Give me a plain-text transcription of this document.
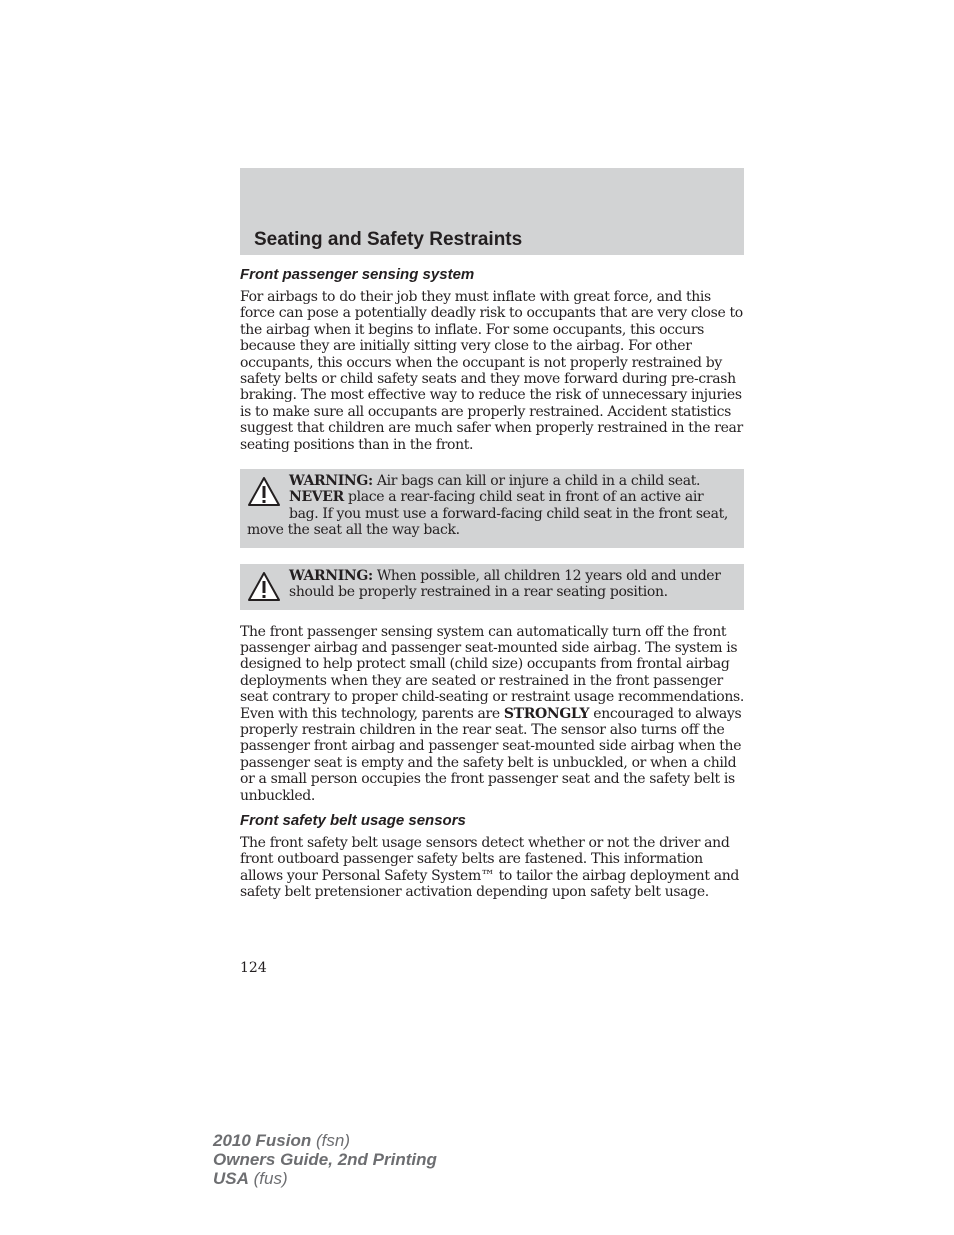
Seating and Safety Restraints
Front passenger sensing system

For airbags to do their job they must inflate with great force, and this force can pose a potentially deadly risk to occupants that are very close to the airbag when it begins to inflate. For some occupants, this occurs because they are initially sitting very close to the airbag. For other occupants, this occurs when the occupant is not properly restrained by safety belts or child safety seats and they move forward during pre-crash braking. The most effective way to reduce the risk of unnecessary injuries is to make sure all occupants are properly restrained. Accident statistics suggest that children are much safer when properly restrained in the rear seating positions than in the front.

WARNING: Air bags can kill or injure a child in a child seat. NEVER place a rear-facing child seat in front of an active air bag. If you must use a forward-facing child seat in the front seat, move the seat all the way back.
WARNING: When possible, all children 12 years old and under should be properly restrained in a rear seating position.

The front passenger sensing system can automatically turn off the front passenger airbag and passenger seat-mounted side airbag. The system is designed to help protect small (child size) occupants from frontal airbag deployments when they are seated or restrained in the front passenger seat contrary to proper child-seating or restraint usage recommendations. Even with this technology, parents are STRONGLY encouraged to always properly restrain children in the rear seat. The sensor also turns off the passenger front airbag and passenger seat-mounted side airbag when the passenger seat is empty and the safety belt is unbuckled, or when a child or a small person occupies the front passenger seat and the safety belt is unbuckled.

Front safety belt usage sensors

The front safety belt usage sensors detect whether or not the driver and front outboard passenger safety belts are fastened. This information allows your Personal Safety System™ to tailor the airbag deployment and safety belt pretensioner activation depending upon safety belt usage.

124
2010 Fusion (fsn)
Owners Guide, 2nd Printing
USA (fus)
